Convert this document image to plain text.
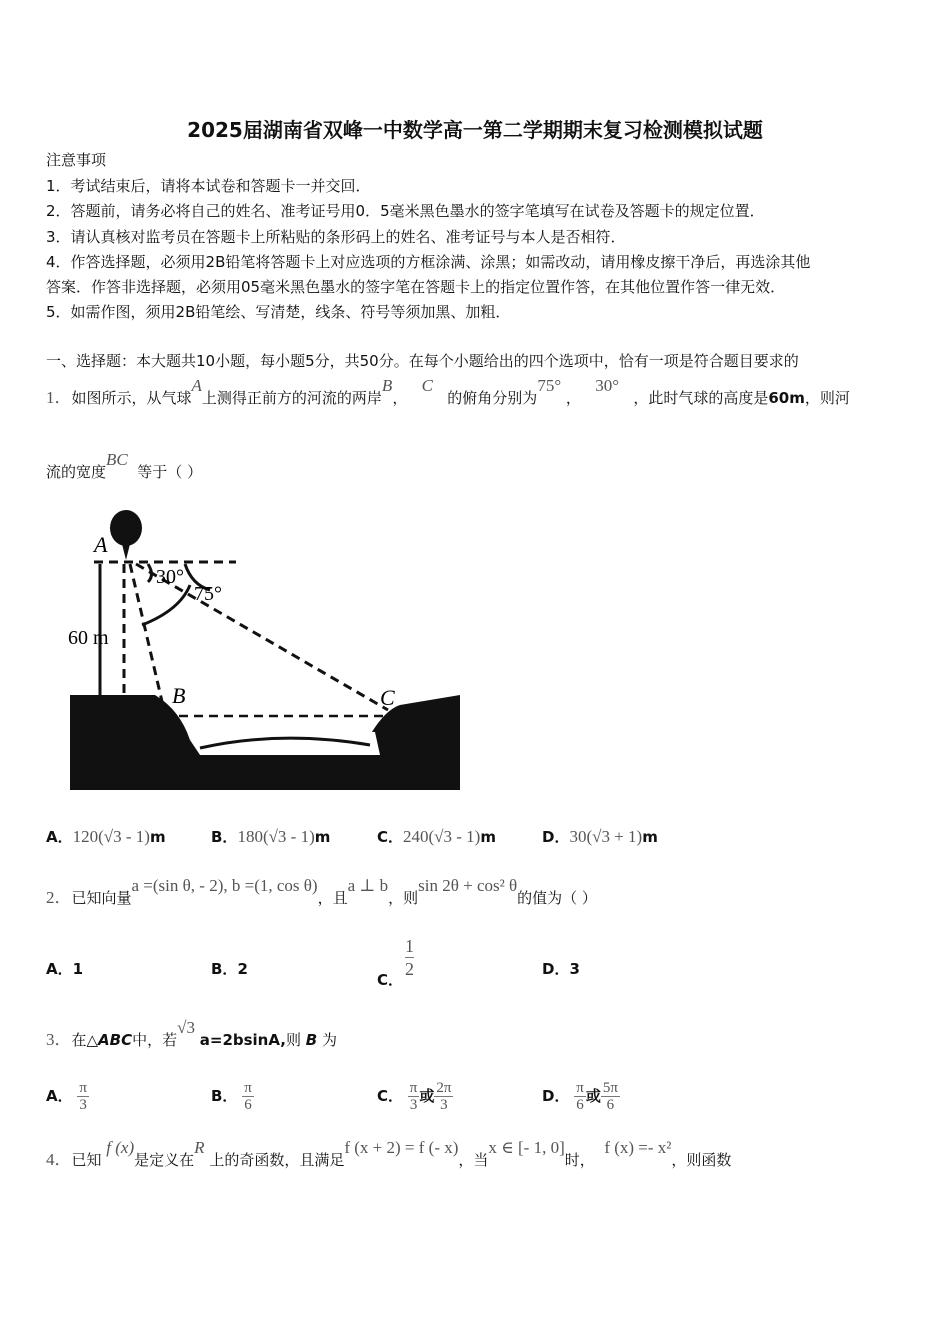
2025届湖南省双峰一中数学高一第二学期期末复习检测模拟试题
注意事项
1．考试结束后，请将本试卷和答题卡一并交回．
2．答题前，请务必将自己的姓名、准考证号用0．5毫米黑色墨水的签字笔填写在试卷及答题卡的规定位置．
3．请认真核对监考员在答题卡上所粘贴的条形码上的姓名、准考证号与本人是否相符．
4．作答选择题，必须用2B铅笔将答题卡上对应选项的方框涂满、涂黑；如需改动，请用橡皮擦干净后，再选涂其他
答案．作答非选择题，必须用05毫米黑色墨水的签字笔在答题卡上的指定位置作答，在其他位置作答一律无效．
5．如需作图，须用2B铅笔绘、写清楚，线条、符号等须加黑、加粗．
一、选择题：本大题共10小题，每小题5分，共50分。在每个小题给出的四个选项中，恰有一项是符合题目要求的
1．如图所示，从气球A上测得正前方的河流的两岸B，   C   的俯角分别为75° ，   30°   ，此时气球的高度是60m，则河
流的宽度BC  等于（ ）
A
B	C
30°
75°
60 m
A．120(√3 - 1)m	B．180(√3 - 1)m	C．240(√3 - 1)m	D．30(√3 + 1)m
2．已知向量a =(sin θ, - 2), b =(1, cos θ)，且a ⊥ b，则sin 2θ + cos² θ的值为（ ）
A．1	B．2
C． $\frac{1}{2}$	D．3
3．在△ABC中，若√3 a=2bsinA,则 B 为
A． $\frac{\pi}{3}$	B． $\frac{\pi}{6}$	C． $\frac{\pi}{3}$ 或 $\frac{2\pi}{3}$	D． $\frac{\pi}{6}$ 或 $\frac{5\pi}{6}$
4．已知 f (x)是定义在R 上的奇函数，且满足f (x + 2) = f (- x)，当x ∈ [- 1, 0]时，  f (x) =- x²，则函数
